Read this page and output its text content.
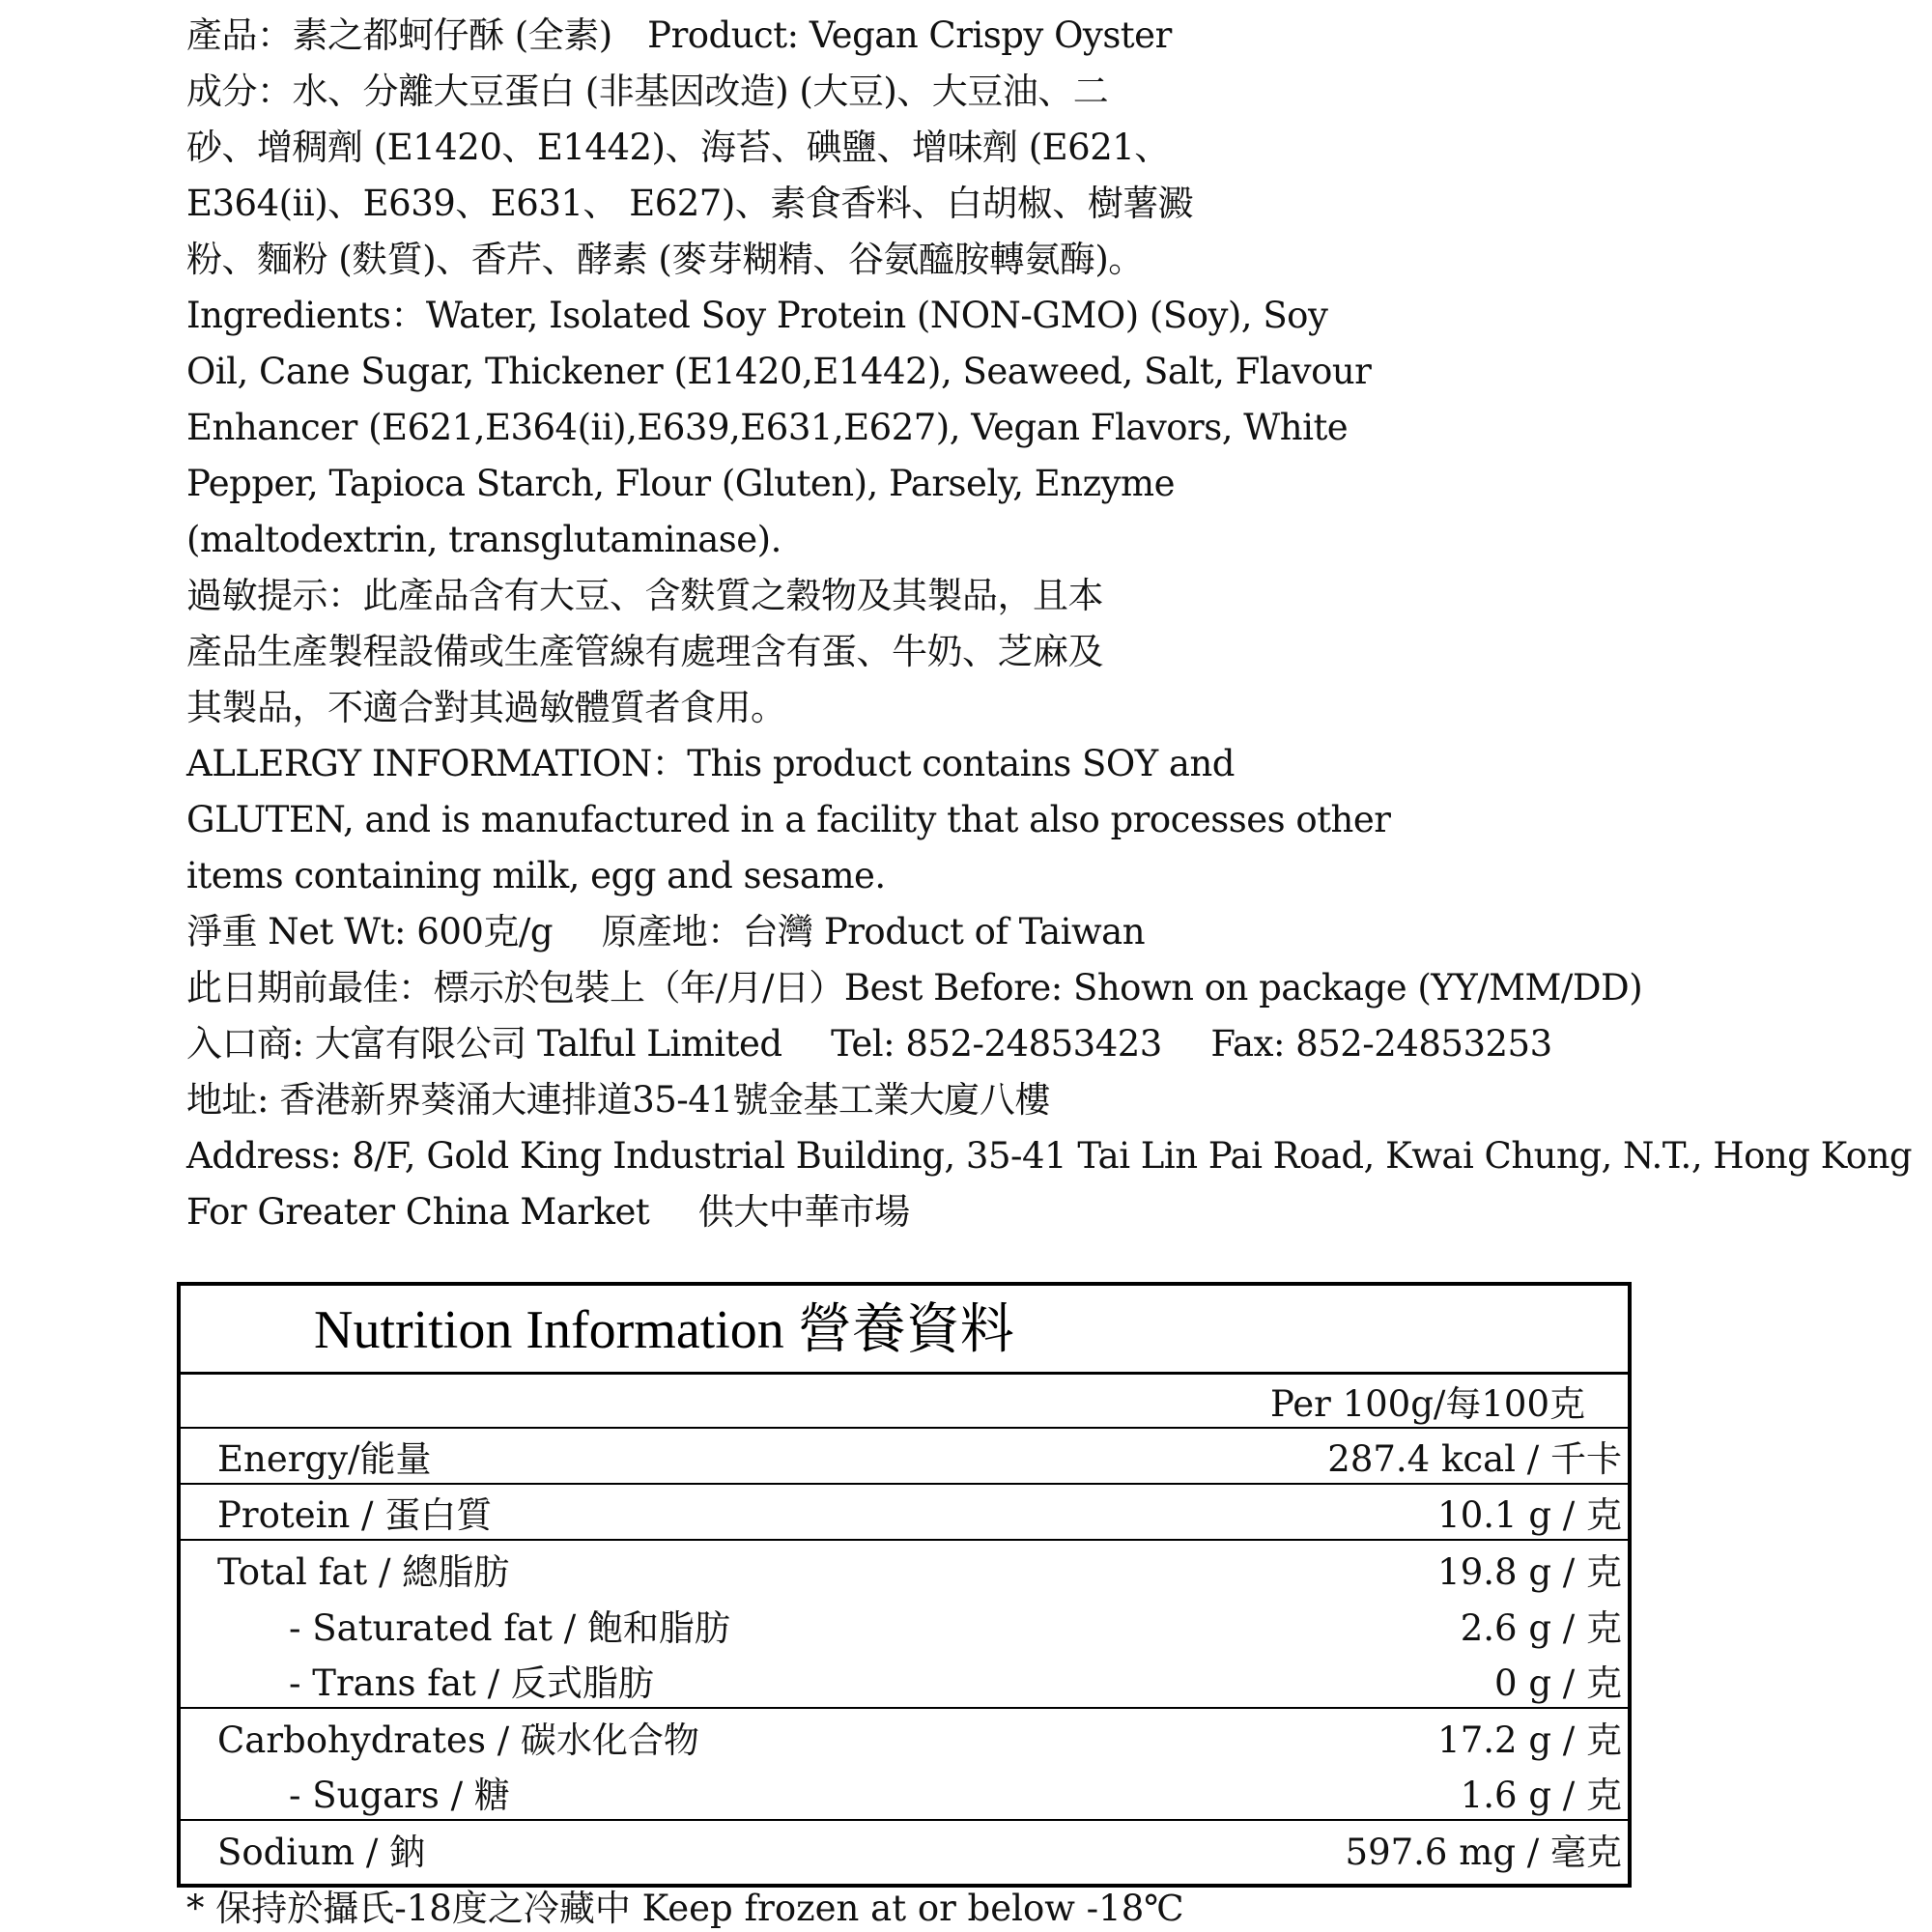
產品：素之都蚵仔酥 (全素) Product: Vegan Crispy Oyster
成分：水、分離大豆蛋白 (非基因改造) (大豆)、大豆油、二
砂、增稠劑 (E1420、E1442)、海苔、碘鹽、增味劑 (E621、
E364(ii)、E639、E631、 E627)、素食香料、白胡椒、樹薯澱
粉、麵粉 (麩質)、香芹、酵素 (麥芽糊精、谷氨醯胺轉氨酶)。
Ingredients：Water, Isolated Soy Protein (NON-GMO) (Soy), Soy
Oil, Cane Sugar, Thickener (E1420,E1442), Seaweed, Salt, Flavour
Enhancer (E621,E364(ii),E639,E631,E627), Vegan Flavors, White
Pepper, Tapioca Starch, Flour (Gluten), Parsely, Enzyme
(maltodextrin, transglutaminase).
過敏提示：此產品含有大豆、含麩質之穀物及其製品，且本
產品生產製程設備或生產管線有處理含有蛋、牛奶、芝麻及
其製品，不適合對其過敏體質者食用。
ALLERGY INFORMATION：This product contains SOY and
GLUTEN, and is manufactured in a facility that also processes other
items containing milk, egg and sesame.
淨重 Net Wt: 600克/g 原產地：台灣 Product of Taiwan
此日期前最佳：標示於包裝上（年/月/日）Best Before: Shown on package (YY/MM/DD)
入口商: 大富有限公司 Talful Limited Tel: 852-24853423 Fax: 852-24853253
地址: 香港新界葵涌大連排道35-41號金基工業大廈八樓
Address: 8/F, Gold King Industrial Building, 35-41 Tai Lin Pai Road, Kwai Chung, N.T., Hong Kong
For Greater China Market 供大中華市場
Nutrition Information 營養資料
Per 100g/每100克
Energy/能量	287.4 kcal / 千卡
Protein / 蛋白質	10.1 g / 克
Total fat / 總脂肪	19.8 g / 克
- Saturated fat / 飽和脂肪	2.6 g / 克
- Trans fat / 反式脂肪	0 g / 克
Carbohydrates / 碳水化合物	17.2 g / 克
- Sugars / 糖	1.6 g / 克
Sodium / 鈉	597.6 mg / 毫克
* 保持於攝氏-18度之冷藏中 Keep frozen at or below -18℃
